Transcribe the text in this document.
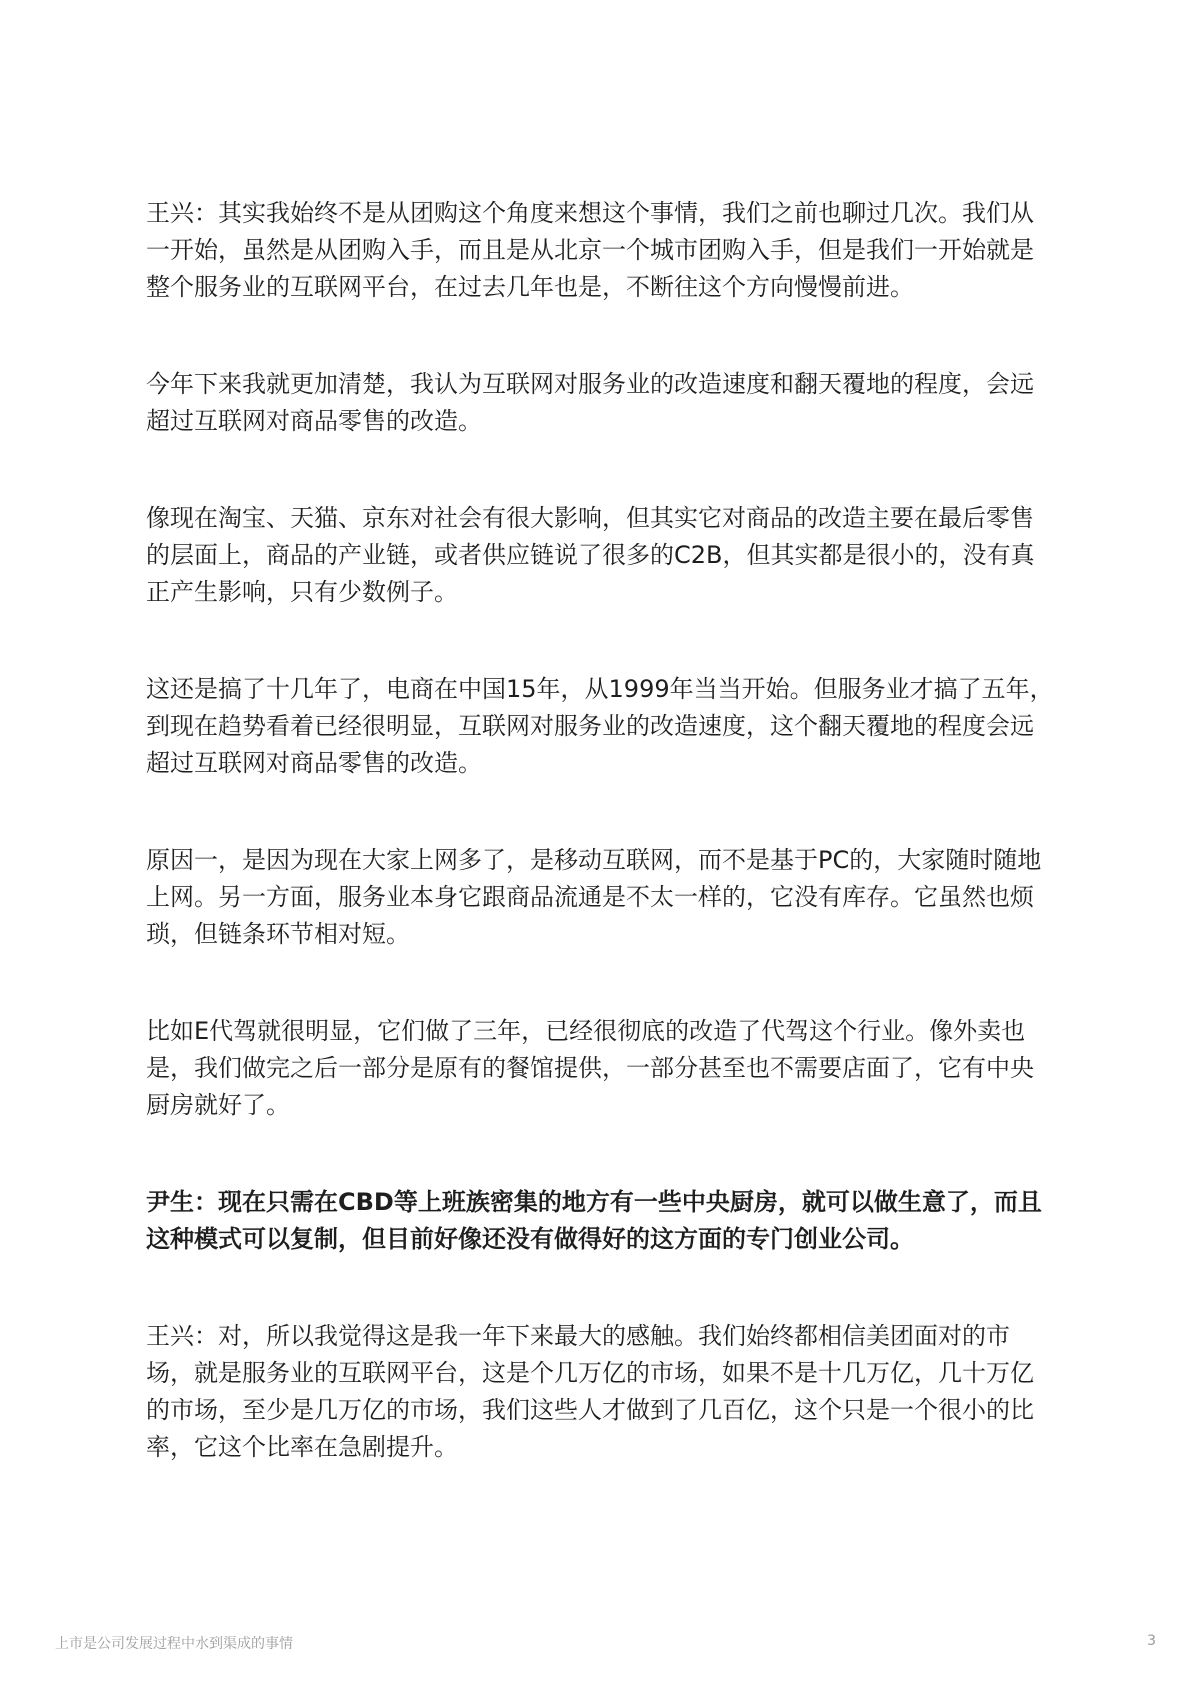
王兴：其实我始终不是从团购这个角度来想这个事情，我们之前也聊过几次。我们从
一开始，虽然是从团购入手，而且是从北京一个城市团购入手，但是我们一开始就是
整个服务业的互联网平台，在过去几年也是，不断往这个方向慢慢前进。
今年下来我就更加清楚，我认为互联网对服务业的改造速度和翻天覆地的程度，会远
超过互联网对商品零售的改造。
像现在淘宝、天猫、京东对社会有很大影响，但其实它对商品的改造主要在最后零售
的层面上，商品的产业链，或者供应链说了很多的C2B，但其实都是很小的，没有真
正产生影响，只有少数例子。
这还是搞了十几年了，电商在中国15年，从1999年当当开始。但服务业才搞了五年，
到现在趋势看着已经很明显，互联网对服务业的改造速度，这个翻天覆地的程度会远
超过互联网对商品零售的改造。
原因一，是因为现在大家上网多了，是移动互联网，而不是基于PC的，大家随时随地
上网。另一方面，服务业本身它跟商品流通是不太一样的，它没有库存。它虽然也烦
琐，但链条环节相对短。
比如E代驾就很明显，它们做了三年，已经很彻底的改造了代驾这个行业。像外卖也
是，我们做完之后一部分是原有的餐馆提供，一部分甚至也不需要店面了，它有中央
厨房就好了。
尹生：现在只需在CBD等上班族密集的地方有一些中央厨房，就可以做生意了，而且
这种模式可以复制，但目前好像还没有做得好的这方面的专门创业公司。
王兴：对，所以我觉得这是我一年下来最大的感触。我们始终都相信美团面对的市
场，就是服务业的互联网平台，这是个几万亿的市场，如果不是十几万亿，几十万亿
的市场，至少是几万亿的市场，我们这些人才做到了几百亿，这个只是一个很小的比
率，它这个比率在急剧提升。
上市是公司发展过程中水到渠成的事情	3
